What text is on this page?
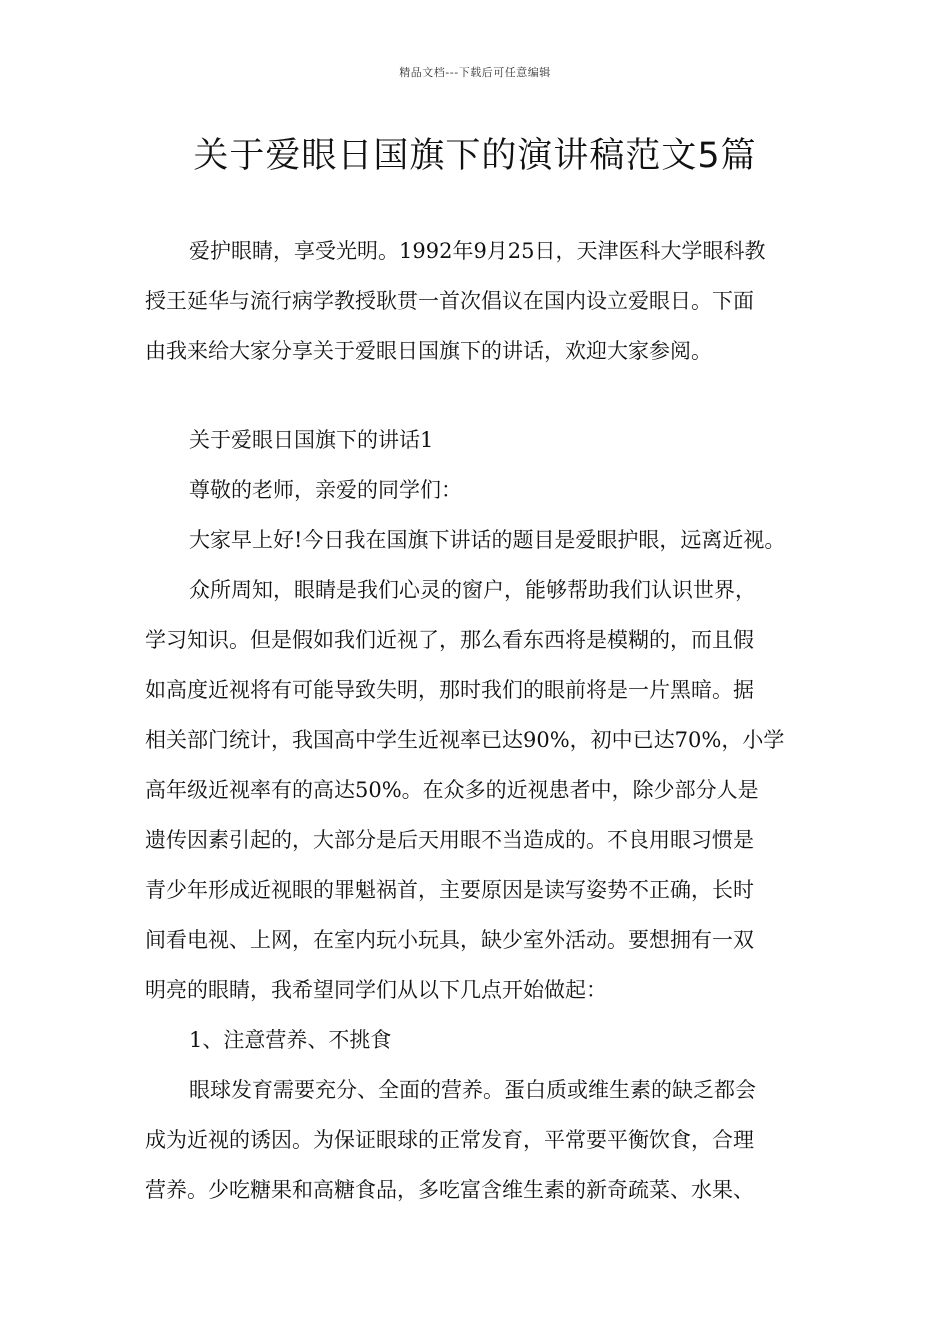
精品文档---下载后可任意编辑
关于爱眼日国旗下的演讲稿范文5篇

爱护眼睛，享受光明。1992年9月25日，天津医科大学眼科教

授王延华与流行病学教授耿贯一首次倡议在国内设立爱眼日。下面

由我来给大家分享关于爱眼日国旗下的讲话，欢迎大家参阅。

关于爱眼日国旗下的讲话1

尊敬的老师，亲爱的同学们：

大家早上好!今日我在国旗下讲话的题目是爱眼护眼，远离近视。

众所周知，眼睛是我们心灵的窗户，能够帮助我们认识世界，

学习知识。但是假如我们近视了，那么看东西将是模糊的，而且假

如高度近视将有可能导致失明，那时我们的眼前将是一片黑暗。据

相关部门统计，我国高中学生近视率已达90%，初中已达70%，小学

高年级近视率有的高达50%。在众多的近视患者中，除少部分人是

遗传因素引起的，大部分是后天用眼不当造成的。不良用眼习惯是

青少年形成近视眼的罪魁祸首，主要原因是读写姿势不正确，长时

间看电视、上网，在室内玩小玩具，缺少室外活动。要想拥有一双

明亮的眼睛，我希望同学们从以下几点开始做起：

1、注意营养、不挑食

眼球发育需要充分、全面的营养。蛋白质或维生素的缺乏都会

成为近视的诱因。为保证眼球的正常发育，平常要平衡饮食，合理

营养。少吃糖果和高糖食品，多吃富含维生素的新奇疏菜、水果、
